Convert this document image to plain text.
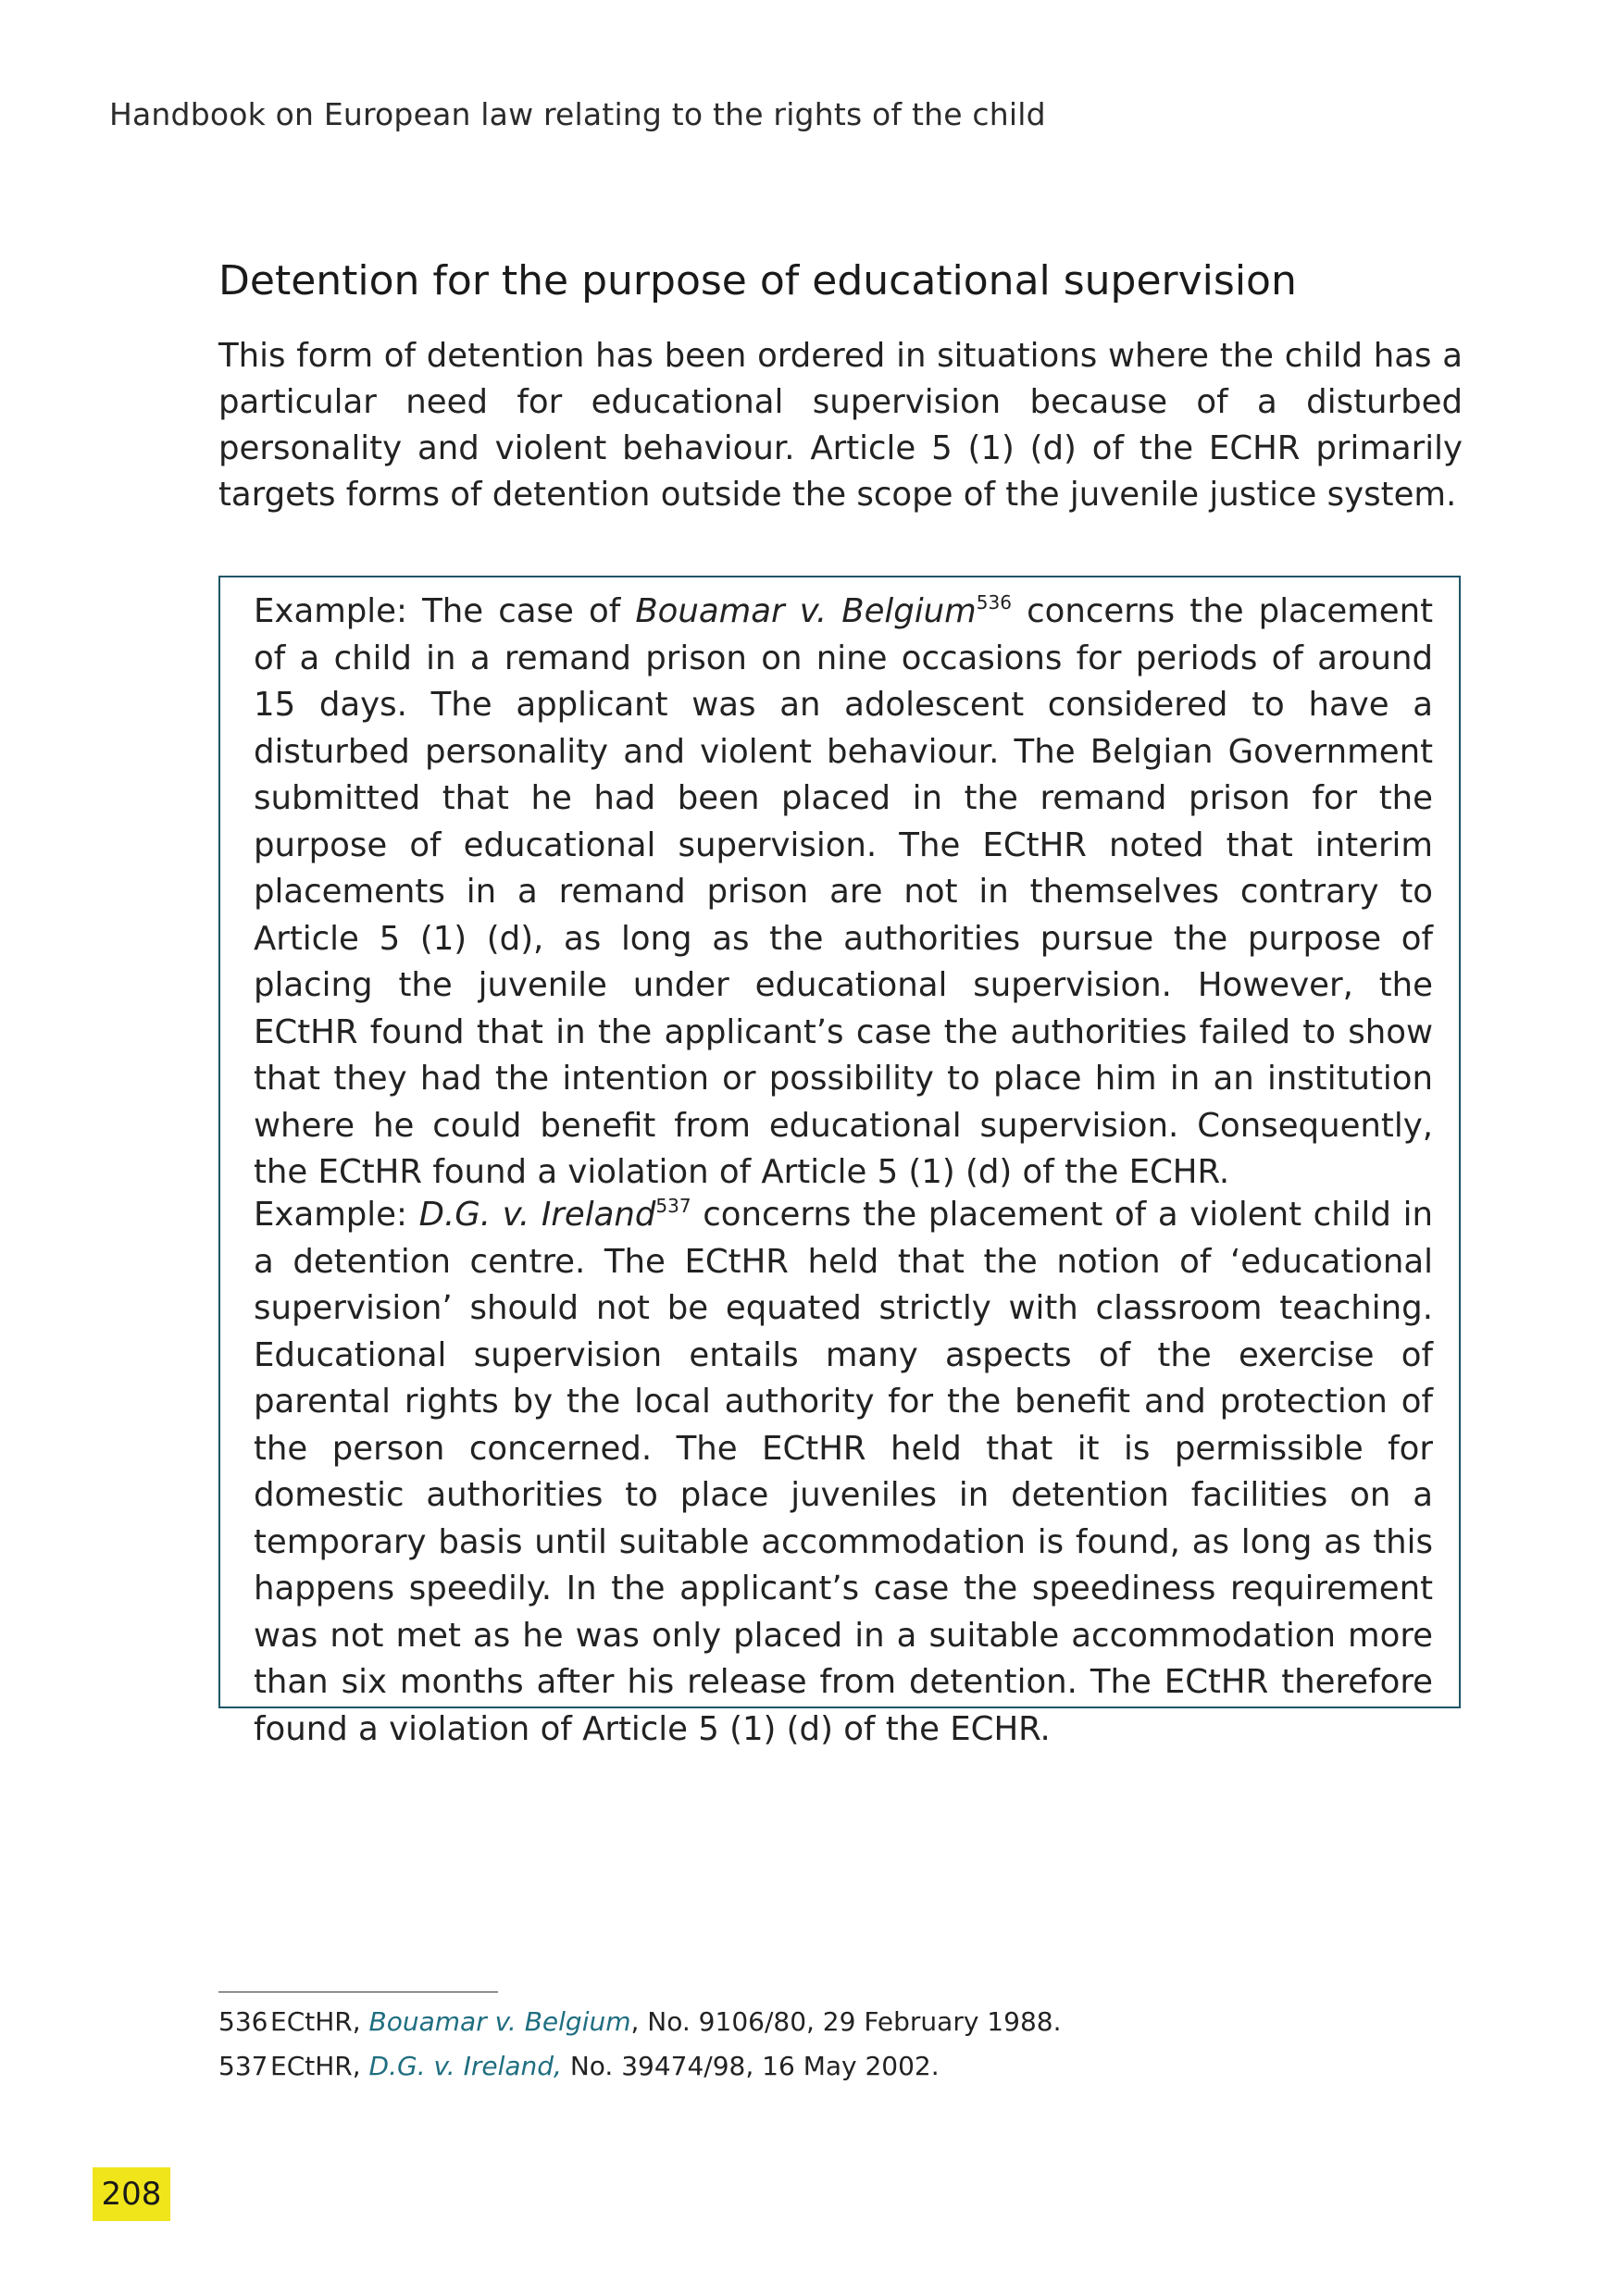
Handbook on European law relating to the rights of the child
Detention for the purpose of educational supervision

This form of detention has been ordered in situations where the child has a particular need for educational supervision because of a disturbed personality and violent behaviour. Article 5 (1) (d) of the ECHR primarily targets forms of detention outside the scope of the juvenile justice system.

Example: The case of Bouamar v. Belgium$^{536}$ concerns the placement of a child in a remand prison on nine occasions for periods of around 15 days. The applicant was an adolescent considered to have a disturbed personality and violent behaviour. The Belgian Government submitted that he had been placed in the remand prison for the purpose of educational supervision. The ECtHR noted that interim placements in a remand prison are not in themselves contrary to Article 5 (1) (d), as long as the authorities pursue the purpose of placing the juvenile under educational supervision. However, the ECtHR found that in the applicant’s case the authorities failed to show that they had the intention or possibility to place him in an institution where he could benefit from educational supervision. Consequently, the ECtHR found a violation of Article 5 (1) (d) of the ECHR.

Example: D.G. v. Ireland$^{537}$ concerns the placement of a violent child in a detention centre. The ECtHR held that the notion of ‘educational supervision’ should not be equated strictly with classroom teaching. Educational supervision entails many aspects of the exercise of parental rights by the local authority for the benefit and protection of the person concerned. The ECtHR held that it is permissible for domestic authorities to place juveniles in detention facilities on a temporary basis until suitable accommodation is found, as long as this happens speedily. In the applicant’s case the speediness requirement was not met as he was only placed in a suitable accommodation more than six months after his release from detention. The ECtHR therefore found a violation of Article 5 (1) (d) of the ECHR.

536ECtHR, Bouamar v. Belgium, No. 9106/80, 29 February 1988.

537ECtHR, D.G. v. Ireland, No. 39474/98, 16 May 2002.

208
